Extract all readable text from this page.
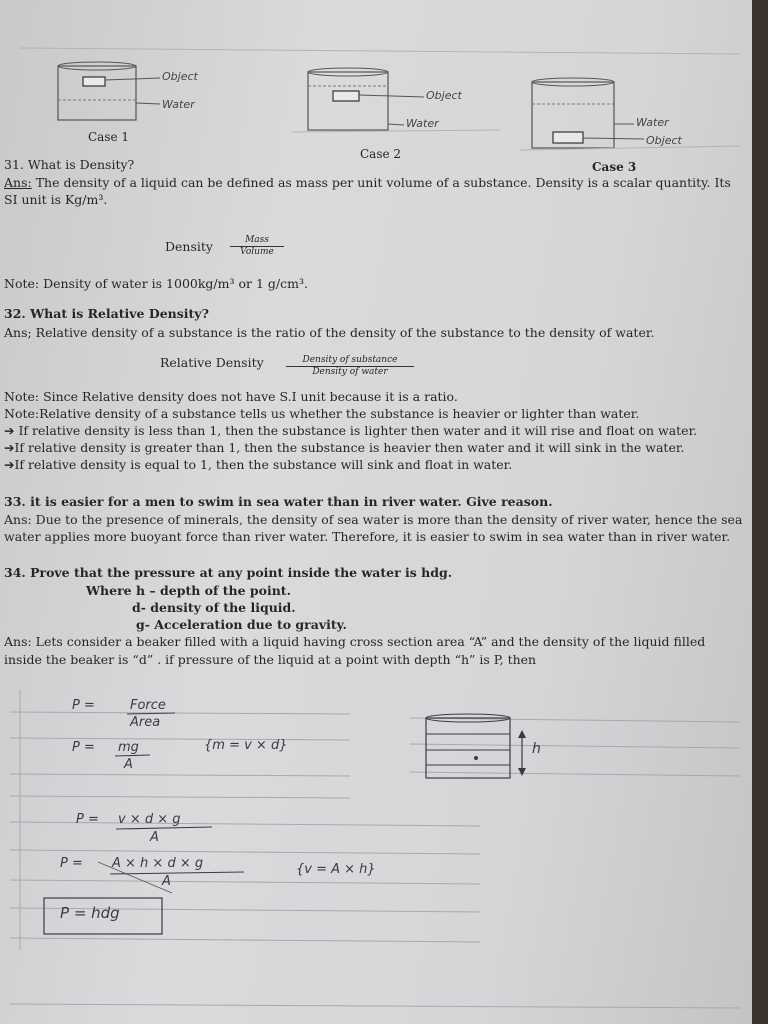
Object
Water
Case 1
Object
Water
Case 2
Water
Object
Case 3
31. What is Density?
Ans: The density of a liquid can be defined as mass per unit volume of a substance. Density is a scalar quantity. Its
SI unit is Kg/m³.
Density	Mass
Volume
Note: Density of water is 1000kg/m³ or 1 g/cm³.
32. What is Relative Density?
Ans; Relative density of a substance is the ratio of the density of the substance to the density of water.
Relative Density	Density of substance
Density of water
Note: Since Relative density does not have S.I unit because it is a ratio.
Note:Relative density of a substance tells us whether the substance is heavier or lighter than water.
➔ If relative density is less than 1, then the substance is lighter then water and it will rise and float on water.
➔If relative density is greater than 1, then the substance is heavier then water and it will sink in the water.
➔If relative density is equal to 1, then the substance will sink and float in water.
33. it is easier for a men to swim in sea water than in river water. Give reason.
Ans: Due to the presence of minerals, the density of sea water is more than the density of river water, hence the sea
water applies more buoyant force than river water. Therefore, it is easier to swim in sea water than in river water.
34. Prove that the pressure at any point inside the water is hdg.
Where h – depth of the point.
d- density of the liquid.
g- Acceleration due to gravity.
Ans: Lets consider a beaker filled with a liquid having cross section area “A” and the density of the liquid filled
inside the beaker is “d” . if pressure of the liquid at a point with depth “h” is P, then
P =	Force
Area
P = mg
A
{m = v × d}
P = v × d × g
A
P = A × h × d × g
A
{v = A × h}
P = hdg
h
